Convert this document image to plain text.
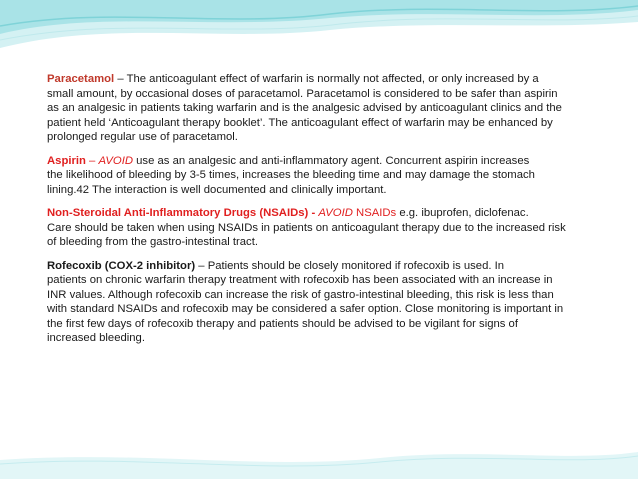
Paracetamol – The anticoagulant effect of warfarin is normally not affected, or only increased by a
small amount, by occasional doses of paracetamol. Paracetamol is considered to be safer than aspirin
as an analgesic in patients taking warfarin and is the analgesic advised by anticoagulant clinics and the
patient held ‘Anticoagulant therapy booklet’. The anticoagulant effect of warfarin may be enhanced by
prolonged regular use of paracetamol.
Aspirin – AVOID use as an analgesic and anti-inflammatory agent. Concurrent aspirin increases
the likelihood of bleeding by 3-5 times, increases the bleeding time and may damage the stomach
lining.42 The interaction is well documented and clinically important.
Non-Steroidal Anti-Inflammatory Drugs (NSAIDs) - AVOID NSAIDs e.g. ibuprofen, diclofenac.
Care should be taken when using NSAIDs in patients on anticoagulant therapy due to the increased risk
of bleeding from the gastro-intestinal tract.
Rofecoxib (COX-2 inhibitor) – Patients should be closely monitored if rofecoxib is used. In
patients on chronic warfarin therapy treatment with rofecoxib has been associated with an increase in
INR values. Although rofecoxib can increase the risk of gastro-intestinal bleeding, this risk is less than
with standard NSAIDs and rofecoxib may be considered a safer option. Close monitoring is important in
the first few days of rofecoxib therapy and patients should be advised to be vigilant for signs of
increased bleeding.
